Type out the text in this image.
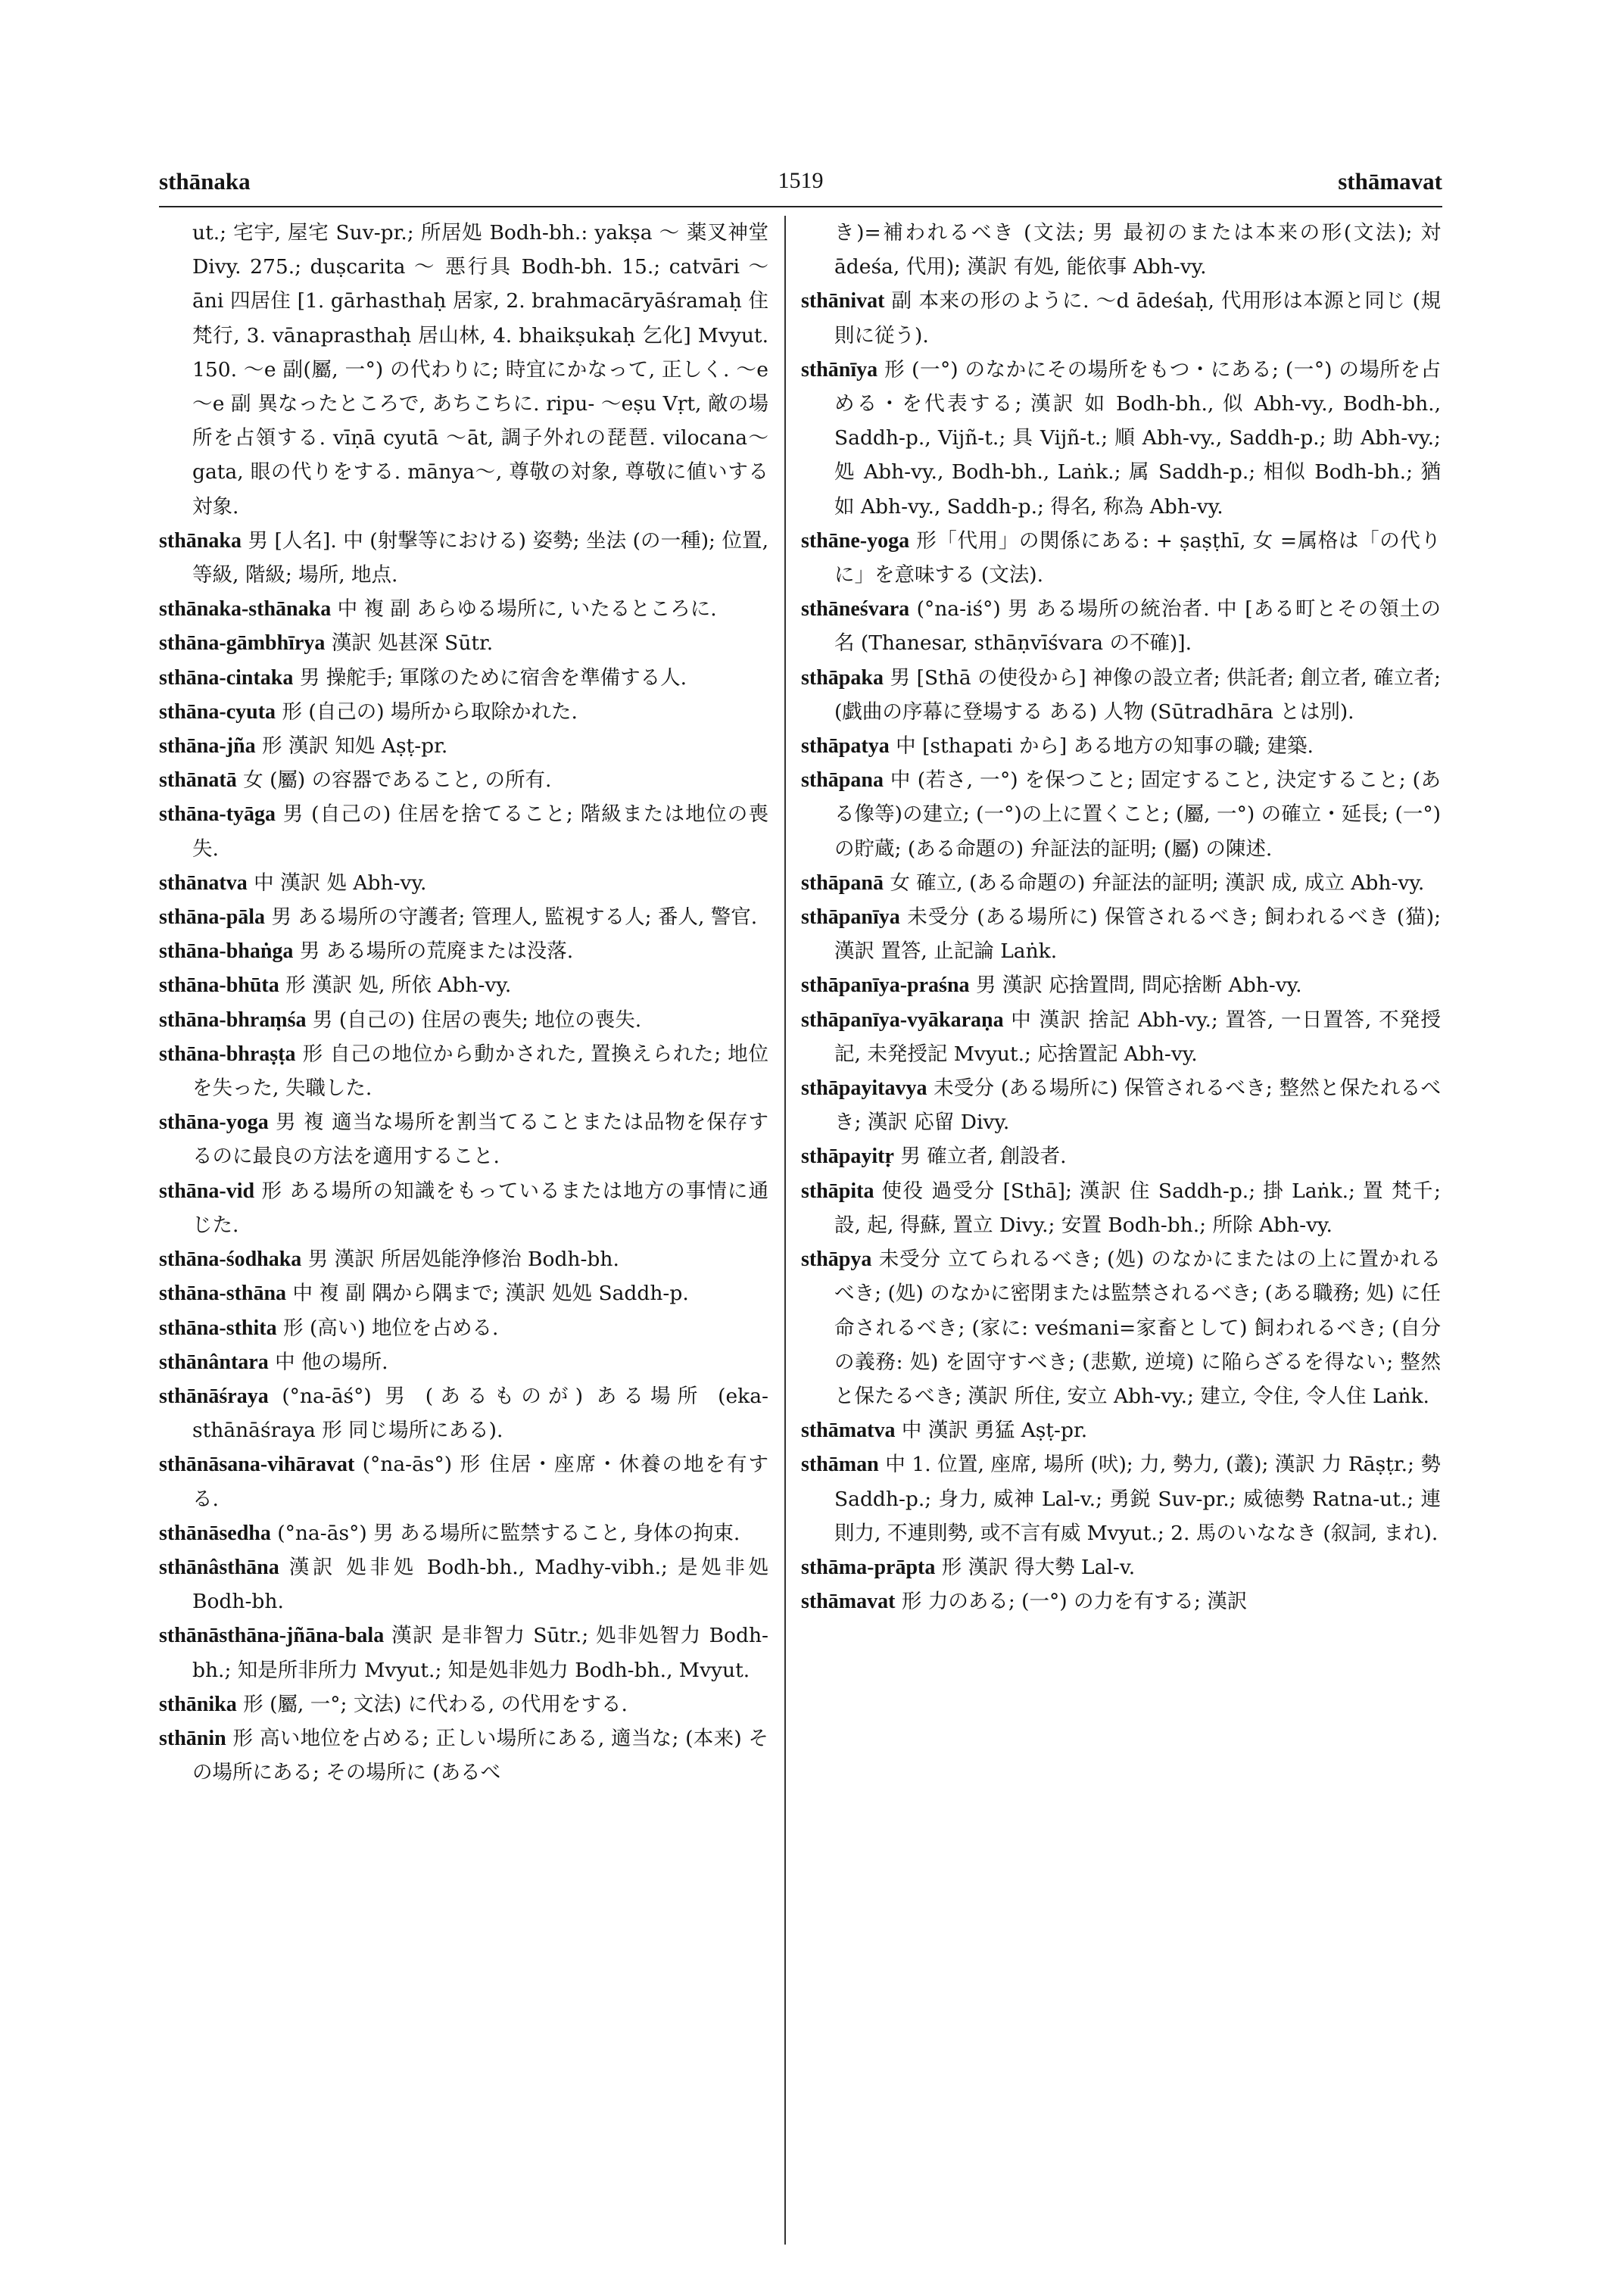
sthānaka	1519	sthāmavat
ut.; 宅宇, 屋宅 Suv-pr.; 所居処 Bodh-bh.: yakṣa ～ 薬叉神堂 Divy. 275.; duṣcarita ～ 悪行具 Bodh-bh. 15.; catvāri ～āni 四居住 [1. gārhasthaḥ 居家, 2. brahmacāryāśramaḥ 住梵行, 3. vānaprasthaḥ 居山林, 4. bhaikṣukaḥ 乞化] Mvyut. 150. ～e 副(屬, 一°) の代わりに; 時宜にかなって, 正しく. ～e ～e 副 異なったところで, あちこちに. ripu- ～eṣu Vṛt, 敵の場所を占領する. vīṇā cyutā ～āt, 調子外れの琵琶. vilocana～gata, 眼の代りをする. mānya～, 尊敬の対象, 尊敬に値いする対象.
sthānaka 男 [人名]. 中 (射撃等における) 姿勢; 坐法 (の一種); 位置, 等級, 階級; 場所, 地点.
sthānaka-sthānaka 中 複 副 あらゆる場所に, いたるところに.
sthāna-gāmbhīrya 漢訳 処甚深 Sūtr.
sthāna-cintaka 男 操舵手; 軍隊のために宿舎を準備する人.
sthāna-cyuta 形 (自己の) 場所から取除かれた.
sthāna-jña 形 漢訳 知処 Aṣṭ-pr.
sthānatā 女 (屬) の容器であること, の所有.
sthāna-tyāga 男 (自己の) 住居を捨てること; 階級または地位の喪失.
sthānatva 中 漢訳 処 Abh-vy.
sthāna-pāla 男 ある場所の守護者; 管理人, 監視する人; 番人, 警官.
sthāna-bhaṅga 男 ある場所の荒廃または没落.
sthāna-bhūta 形 漢訳 処, 所依 Abh-vy.
sthāna-bhraṃśa 男 (自己の) 住居の喪失; 地位の喪失.
sthāna-bhraṣṭa 形 自己の地位から動かされた, 置換えられた; 地位を失った, 失職した.
sthāna-yoga 男 複 適当な場所を割当てることまたは品物を保存するのに最良の方法を適用すること.
sthāna-vid 形 ある場所の知識をもっているまたは地方の事情に通じた.
sthāna-śodhaka 男 漢訳 所居処能浄修治 Bodh-bh.
sthāna-sthāna 中 複 副 隅から隅まで; 漢訳 処処 Saddh-p.
sthāna-sthita 形 (高い) 地位を占める.
sthānântara 中 他の場所.
sthānāśraya (°na-āś°) 男 (あるものが) ある場所 (eka-sthānāśraya 形 同じ場所にある).
sthānāsana-vihāravat (°na-ās°) 形 住居・座席・休養の地を有する.
sthānāsedha (°na-ās°) 男 ある場所に監禁すること, 身体の拘束.
sthānâsthāna 漢訳 処非処 Bodh-bh., Madhy-vibh.; 是処非処 Bodh-bh.
sthānāsthāna-jñāna-bala 漢訳 是非智力 Sūtr.; 処非処智力 Bodh-bh.; 知是所非所力 Mvyut.; 知是処非処力 Bodh-bh., Mvyut.
sthānika 形 (屬, 一°; 文法) に代わる, の代用をする.
sthānin 形 高い地位を占める; 正しい場所にある, 適当な; (本来) その場所にある; その場所に (あるべ
き)=補われるべき (文法; 男 最初のまたは本来の形(文法); 対 ādeśa, 代用); 漢訳 有処, 能依事 Abh-vy.
sthānivat 副 本来の形のように. ～d ādeśaḥ, 代用形は本源と同じ (規則に従う).
sthānīya 形 (一°) のなかにその場所をもつ・にある; (一°) の場所を占める・を代表する; 漢訳 如 Bodh-bh., 似 Abh-vy., Bodh-bh., Saddh-p., Vijñ-t.; 具 Vijñ-t.; 順 Abh-vy., Saddh-p.; 助 Abh-vy.; 処 Abh-vy., Bodh-bh., Laṅk.; 属 Saddh-p.; 相似 Bodh-bh.; 猶如 Abh-vy., Saddh-p.; 得名, 称為 Abh-vy.
sthāne-yoga 形「代用」の関係にある: + ṣaṣṭhī, 女 =属格は「の代りに」を意味する (文法).
sthāneśvara (°na-iś°) 男 ある場所の統治者. 中 [ある町とその領土の名 (Thanesar, sthāṇvīśvara の不確)].
sthāpaka 男 [Sthā の使役から] 神像の設立者; 供託者; 創立者, 確立者; (戯曲の序幕に登場する ある) 人物 (Sūtradhāra とは別).
sthāpatya 中 [sthapati から] ある地方の知事の職; 建築.
sthāpana 中 (若さ, 一°) を保つこと; 固定すること, 決定すること; (ある像等)の建立; (一°)の上に置くこと; (屬, 一°) の確立・延長; (一°) の貯蔵; (ある命題の) 弁証法的証明; (屬) の陳述.
sthāpanā 女 確立, (ある命題の) 弁証法的証明; 漢訳 成, 成立 Abh-vy.
sthāpanīya 未受分 (ある場所に) 保管されるべき; 飼われるべき (猫); 漢訳 置答, 止記論 Laṅk.
sthāpanīya-praśna 男 漢訳 応捨置問, 問応捨断 Abh-vy.
sthāpanīya-vyākaraṇa 中 漢訳 捨記 Abh-vy.; 置答, 一日置答, 不発授記, 未発授記 Mvyut.; 応捨置記 Abh-vy.
sthāpayitavya 未受分 (ある場所に) 保管されるべき; 整然と保たれるべき; 漢訳 応留 Divy.
sthāpayitṛ 男 確立者, 創設者.
sthāpita 使役 過受分 [Sthā]; 漢訳 住 Saddh-p.; 掛 Laṅk.; 置 梵千; 設, 起, 得蘇, 置立 Divy.; 安置 Bodh-bh.; 所除 Abh-vy.
sthāpya 未受分 立てられるべき; (処) のなかにまたはの上に置かれるべき; (処) のなかに密閉または監禁されるべき; (ある職務; 処) に任命されるべき; (家に: veśmani=家畜として) 飼われるべき; (自分の義務: 処) を固守すべき; (悲歎, 逆境) に陥らざるを得ない; 整然と保たるべき; 漢訳 所住, 安立 Abh-vy.; 建立, 令住, 令人住 Laṅk.
sthāmatva 中 漢訳 勇猛 Aṣṭ-pr.
sthāman 中 1. 位置, 座席, 場所 (吠); 力, 勢力, (叢); 漢訳 力 Rāṣṭr.; 勢 Saddh-p.; 身力, 威神 Lal-v.; 勇鋭 Suv-pr.; 威徳勢 Ratna-ut.; 連則力, 不連則勢, 或不言有威 Mvyut.; 2. 馬のいななき (叙詞, まれ).
sthāma-prāpta 形 漢訳 得大勢 Lal-v.
sthāmavat 形 力のある; (一°) の力を有する; 漢訳
